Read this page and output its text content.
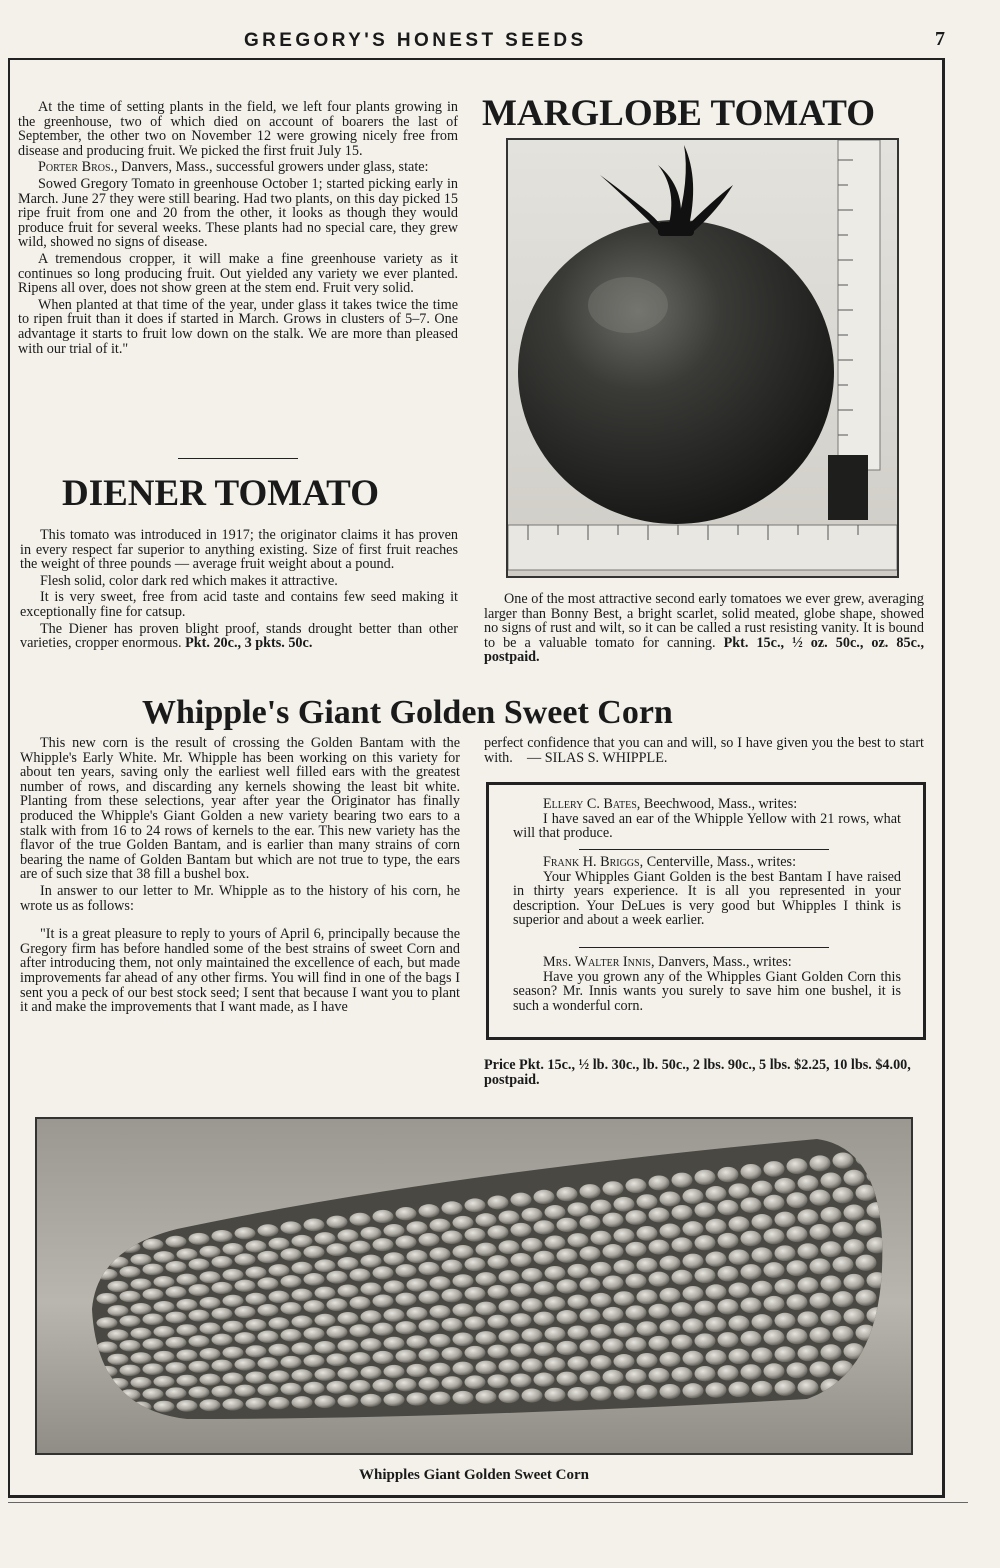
GREGORY'S HONEST SEEDS	7

At the time of setting plants in the field, we left four plants growing in the greenhouse, two of which died on account of boarers the last of September, the other two on November 12 were growing nicely free from disease and producing fruit. We picked the first fruit July 15.

Porter Bros., Danvers, Mass., successful growers under glass, state:

Sowed Gregory Tomato in greenhouse October 1; started picking early in March. June 27 they were still bearing. Had two plants, on this day picked 15 ripe fruit from one and 20 from the other, it looks as though they would produce fruit for several weeks. These plants had no special care, they grew wild, showed no signs of disease.

A tremendous cropper, it will make a fine greenhouse variety as it continues so long producing fruit. Out yielded any variety we ever planted. Ripens all over, does not show green at the stem end. Fruit very solid.

When planted at that time of the year, under glass it takes twice the time to ripen fruit than it does if started in March. Grows in clusters of 5–7. One advantage it starts to fruit low down on the stalk. We are more than pleased with our trial of it."

DIENER TOMATO

This tomato was introduced in 1917; the originator claims it has proven in every respect far superior to anything existing. Size of first fruit reaches the weight of three pounds — average fruit weight about a pound.

Flesh solid, color dark red which makes it attractive.

It is very sweet, free from acid taste and contains few seed making it exceptionally fine for catsup.

The Diener has proven blight proof, stands drought better than other varieties, cropper enormous. Pkt. 20c., 3 pkts. 50c.

MARGLOBE TOMATO

One of the most attractive second early tomatoes we ever grew, averaging larger than Bonny Best, a bright scarlet, solid meated, globe shape, showed no signs of rust and wilt, so it can be called a rust resisting vanity. It is bound to be a valuable tomato for canning. Pkt. 15c., ½ oz. 50c., oz. 85c., postpaid.

Whipple's Giant Golden Sweet Corn

This new corn is the result of crossing the Golden Bantam with the Whipple's Early White. Mr. Whipple has been working on this variety for about ten years, saving only the earliest well filled ears with the greatest number of rows, and discarding any kernels showing the least bit white. Planting from these selections, year after year the Originator has finally produced the Whipple's Giant Golden a new variety bearing two ears to a stalk with from 16 to 24 rows of kernels to the ear. This new variety has the flavor of the true Golden Bantam, and is earlier than many strains of corn bearing the name of Golden Bantam but which are not true to type, the ears are of such size that 38 fill a bushel box.

In answer to our letter to Mr. Whipple as to the history of his corn, he wrote us as follows:

"It is a great pleasure to reply to yours of April 6, principally because the Gregory firm has before handled some of the best strains of sweet Corn and after introducing them, not only maintained the excellence of each, but made improvements far ahead of any other firms. You will find in one of the bags I sent you a peck of our best stock seed; I sent that because I want you to plant it and make the improvements that I want made, as I have

perfect confidence that you can and will, so I have given you the best to start with. — SILAS S. WHIPPLE.

Ellery C. Bates, Beechwood, Mass., writes:

I have saved an ear of the Whipple Yellow with 21 rows, what will that produce.

Frank H. Briggs, Centerville, Mass., writes:

Your Whipples Giant Golden is the best Bantam I have raised in thirty years experience. It is all you represented in your description. Your DeLues is very good but Whipples I think is superior and about a week earlier.

Mrs. Walter Innis, Danvers, Mass., writes:

Have you grown any of the Whipples Giant Golden Corn this season? Mr. Innis wants you surely to save him one bushel, it is such a wonderful corn.

Price Pkt. 15c., ½ lb. 30c., lb. 50c., 2 lbs. 90c., 5 lbs. $2.25, 10 lbs. $4.00, postpaid.
Whipples Giant Golden Sweet Corn
